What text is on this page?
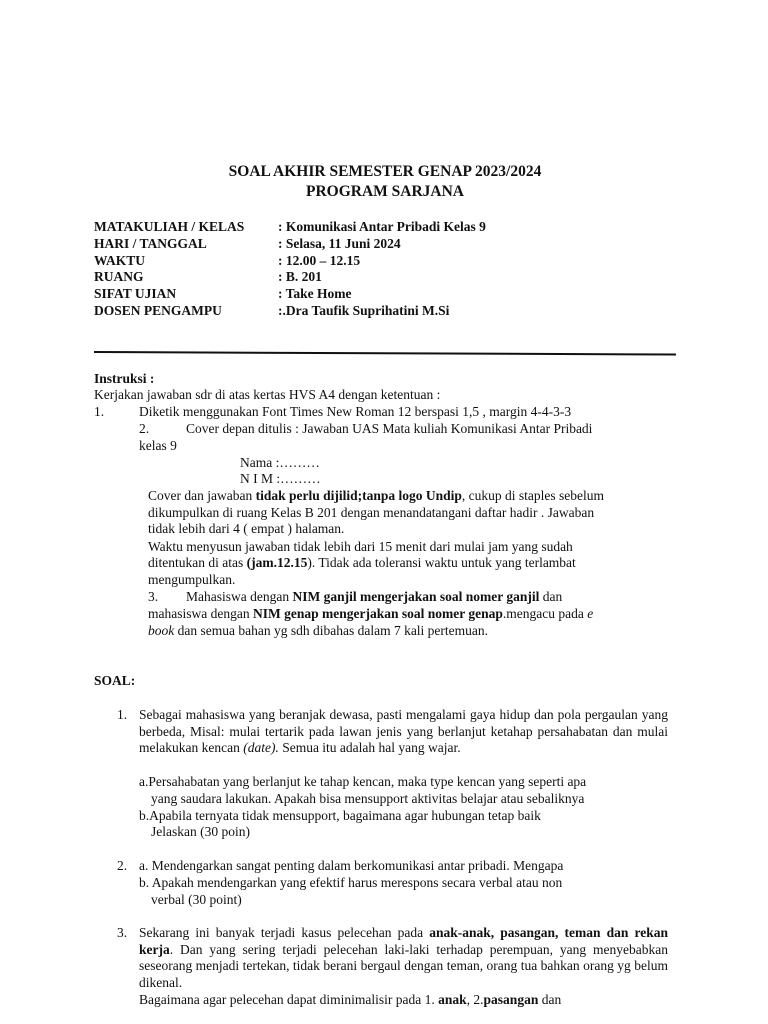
SOAL AKHIR SEMESTER GENAP 2023/2024
PROGRAM SARJANA
MATAKULIAH / KELAS : Komunikasi Antar Pribadi Kelas 9
HARI / TANGGAL	: Selasa, 11 Juni 2024
WAKTU	: 12.00 – 12.15
RUANG	: B. 201
SIFAT UJIAN	: Take Home
DOSEN PENGAMPU	:.Dra Taufik Suprihatini M.Si
Instruksi :
Kerjakan jawaban sdr di atas kertas HVS A4 dengan ketentuan :
1.	Diketik menggunakan Font Times New Roman 12 berspasi 1,5 , margin 4-4-3-3
2.	Cover depan ditulis : Jawaban UAS Mata kuliah Komunikasi Antar Pribadi
kelas 9
Nama :………
N I M :………
Cover dan jawaban tidak perlu dijilid;tanpa logo Undip, cukup di staples sebelum
dikumpulkan di ruang Kelas B 201 dengan menandatangani daftar hadir . Jawaban
tidak lebih dari 4 ( empat ) halaman.
Waktu menyusun jawaban tidak lebih dari 15 menit dari mulai jam yang sudah
ditentukan di atas (jam.12.15). Tidak ada toleransi waktu untuk yang terlambat
mengumpulkan.
3. Mahasiswa dengan NIM ganjil mengerjakan soal nomer ganjil dan
mahasiswa dengan NIM genap mengerjakan soal nomer genap.mengacu pada e
book dan semua bahan yg sdh dibahas dalam 7 kali pertemuan.
SOAL:
1. Sebagai mahasiswa yang beranjak dewasa, pasti mengalami gaya hidup dan pola pergaulan yang berbeda, Misal: mulai tertarik pada lawan jenis yang berlanjut ketahap persahabatan dan mulai melakukan kencan (date). Semua itu adalah hal yang wajar.
a.Persahabatan yang berlanjut ke tahap kencan, maka type kencan yang seperti apa
yang saudara lakukan. Apakah bisa mensupport aktivitas belajar atau sebaliknya
b.Apabila ternyata tidak mensupport, bagaimana agar hubungan tetap baik
Jelaskan (30 poin)
2. a. Mendengarkan sangat penting dalam berkomunikasi antar pribadi. Mengapa
b. Apakah mendengarkan yang efektif harus merespons secara verbal atau non
verbal (30 point)
3. Sekarang ini banyak terjadi kasus pelecehan pada anak-anak, pasangan, teman dan rekan kerja. Dan yang sering terjadi pelecehan laki-laki terhadap perempuan, yang menyebabkan seseorang menjadi tertekan, tidak berani bergaul dengan teman, orang tua bahkan orang yg belum dikenal.
Bagaimana agar pelecehan dapat diminimalisir pada 1. anak, 2.pasangan dan
